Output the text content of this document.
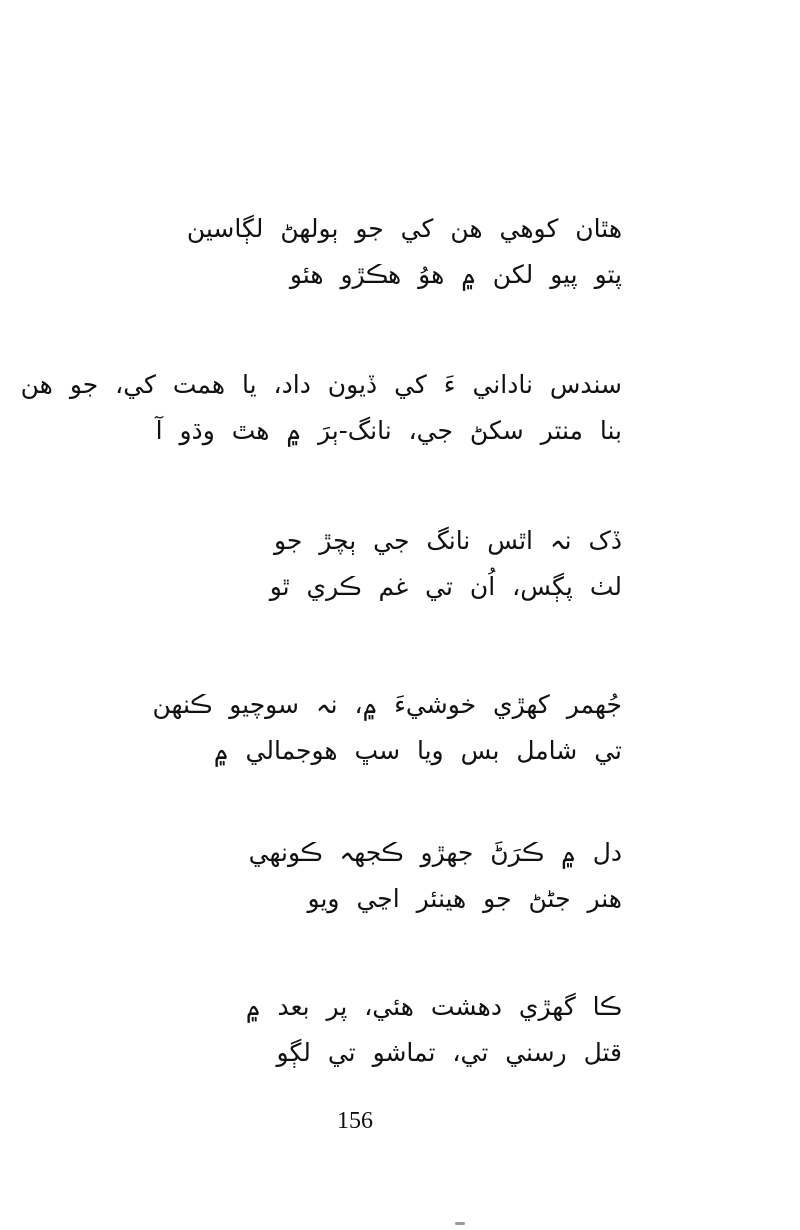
هٿان کوهي هن کي جو ٻولهڻ لڳاسين
پتو پيو لکن ۾ هوُ هڪڙو هئو
سندس ناداني ءَ کي ڏيون داد، يا همت کي، جو هن
بنا منتر سکڻ جي، نانگ-ٻرَ ۾ هٿ وڌو آ
ڏک نہ اٿس نانگ جي ٻچڙ جو
لٺ پڳس، اُن تي غم ڪري ٿو
جُهمر کهڙي خوشيءَ ۾، نہ سوچيو ڪنهن
تي شامل بس ويا سڀ هوجمالي ۾
دل ۾ ڪرَڻَ جهڙو ڪجهہ ڪونهي
هنر جڻڻ جو هينئر اڃي ويو
ڪا گهڙي دهشت هئي، پر بعد ۾
قتل رسني تي، تماشو تي لڳو
156
